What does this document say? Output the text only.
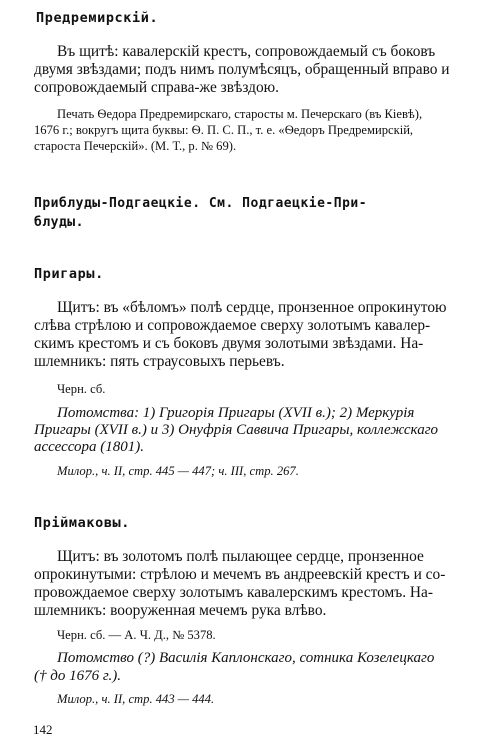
Предремирскій.
Въ щитѣ: кавалерскій крестъ, сопровождаемый съ боковъ
двумя звѣздами; подъ нимъ полумѣсяцъ, обращенный вправо и
сопровождаемый справа-же звѣздою.
Печать Ѳедора Предремирскаго, старосты м. Печерскаго (въ Кіевѣ),
1676 г.; вокругъ щита буквы: Ѳ. П. С. П., т. е. «Ѳедоръ Предремирскій,
староста Печерскій». (М. Т., р. № 69).
Приблуды-Подгаецкіе. См. Подгаецкіе-При-
блуды.
Пригары.
Щитъ: въ «бѣломъ» полѣ сердце, пронзенное опрокинутою
слѣва стрѣлою и сопровождаемое сверху золотымъ кавалер-
скимъ крестомъ и съ боковъ двумя золотыми звѣздами. На-
шлемникъ: пять страусовыхъ перьевъ.
Черн. сб.
Потомства: 1) Григорія Пригары (XVII в.); 2) Меркурія
Пригары (XVII в.) и 3) Онуфрія Саввича Пригары, коллежскаго
ассессора (1801).
Милор., ч. II, стр. 445 — 447; ч. III, стр. 267.
Прiймаковы.
Щитъ: въ золотомъ полѣ пылающее сердце, пронзенное
опрокинутыми: стрѣлою и мечемъ въ андреевскій крестъ и со-
провождаемое сверху золотымъ кавалерскимъ крестомъ. На-
шлемникъ: вооруженная мечемъ рука влѣво.
Черн. сб. — А. Ч. Д., № 5378.
Потомство (?) Василія Каплонскаго, сотника Козелецкаго
(† до 1676 г.).
Милор., ч. II, стр. 443 — 444.
142
